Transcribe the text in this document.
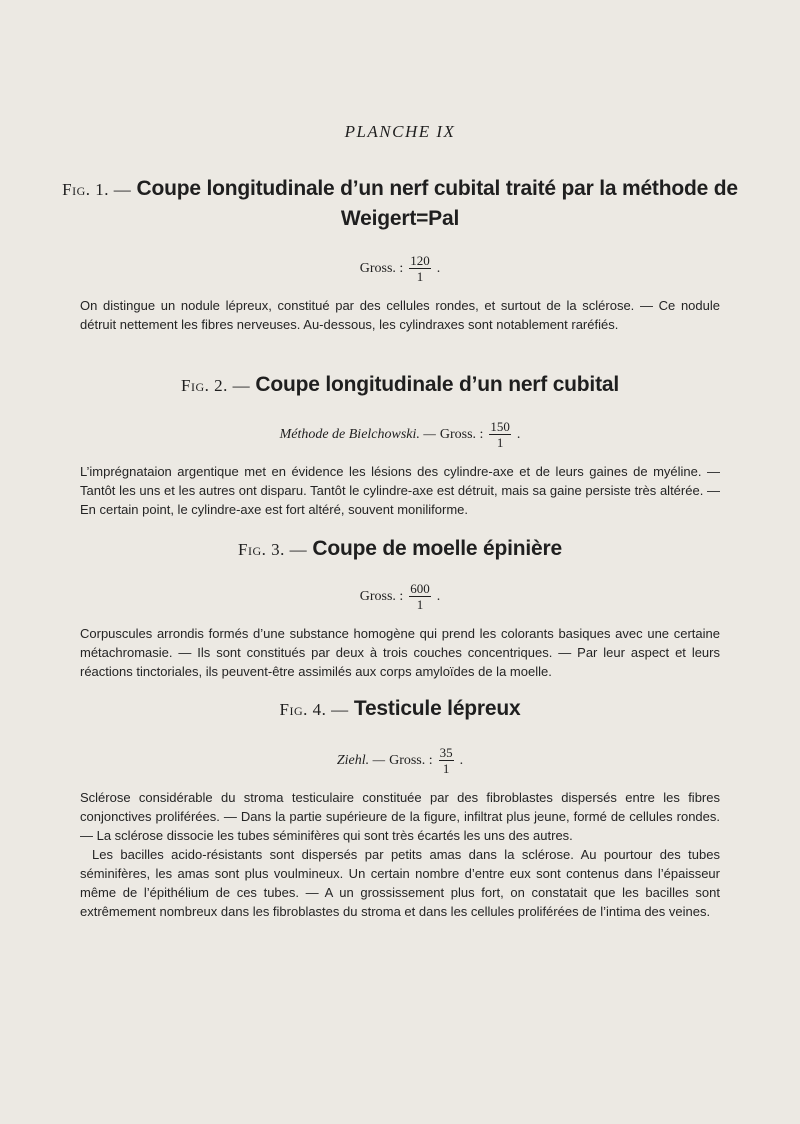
PLANCHE IX
Fig. 1. — Coupe longitudinale d’un nerf cubital traité par la méthode de Weigert=Pal
Gross. : $\frac{120}{1}$ .

On distingue un nodule lépreux, constitué par des cellules rondes, et surtout de la sclérose. — Ce nodule détruit nettement les fibres nerveuses. Au-dessous, les cylindraxes sont notablement raréfiés.

Fig. 2. — Coupe longitudinale d’un nerf cubital
Méthode de Bielchowski. — Gross. : $\frac{150}{1}$ .

L’imprégnataion argentique met en évidence les lésions des cylindre-axe et de leurs gaines de myéline. — Tantôt les uns et les autres ont disparu. Tantôt le cylindre-axe est détruit, mais sa gaine persiste très altérée. — En certain point, le cylindre-axe est fort altéré, souvent moniliforme.

Fig. 3. — Coupe de moelle épinière
Gross. : $\frac{600}{1}$ .

Corpuscules arrondis formés d’une substance homogène qui prend les colorants basiques avec une certaine métachromasie. — Ils sont constitués par deux à trois couches concentriques. — Par leur aspect et leurs réactions tinctoriales, ils peuvent-être assimilés aux corps amyloïdes de la moelle.

Fig. 4. — Testicule lépreux
Ziehl. — Gross. : $\frac{35}{1}$ .

Sclérose considérable du stroma testiculaire constituée par des fibroblastes dispersés entre les fibres conjonctives proliférées. — Dans la partie supérieure de la figure, infiltrat plus jeune, formé de cellules rondes. — La sclérose dissocie les tubes séminifères qui sont très écartés les uns des autres.

Les bacilles acido-résistants sont dispersés par petits amas dans la sclérose. Au pourtour des tubes séminifères, les amas sont plus voulmineux. Un certain nombre d’entre eux sont contenus dans l’épaisseur même de l’épithélium de ces tubes. — A un grossissement plus fort, on constatait que les bacilles sont extrêmement nombreux dans les fibroblastes du stroma et dans les cellules proliférées de l’intima des veines.
